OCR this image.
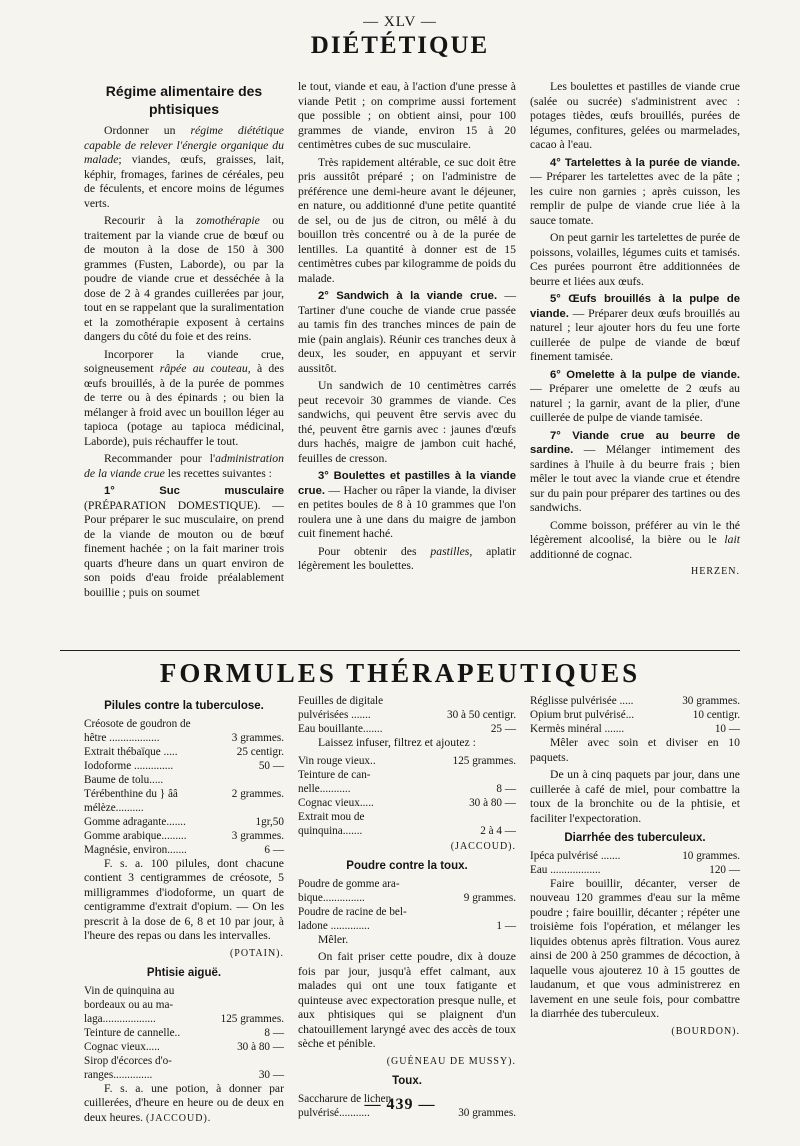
— XLV —
DIÉTÉTIQUE
Régime alimentaire des phtisiques

Ordonner un régime diététique capable de relever l'énergie organique du malade; viandes, œufs, graisses, lait, képhir, fromages, farines de céréales, peu de féculents, et encore moins de légumes verts.

Recourir à la zomothérapie ou traitement par la viande crue de bœuf ou de mouton à la dose de 150 à 300 grammes (Fusten, Laborde), ou par la poudre de viande crue et desséchée à la dose de 2 à 4 grandes cuillerées par jour, tout en se rappelant que la suralimentation et la zomothérapie exposent à certains dangers du côté du foie et des reins.

Incorporer la viande crue, soigneusement râpée au couteau, à des œufs brouillés, à de la purée de pommes de terre ou à des épinards ; ou bien la mélanger à froid avec un bouillon léger au tapioca (potage au tapioca médicinal, Laborde), puis réchauffer le tout.

Recommander pour l'administration de la viande crue les recettes suivantes :

1° Suc musculaire (PRÉPARATION DOMESTIQUE). — Pour préparer le suc musculaire, on prend de la viande de mouton ou de bœuf finement hachée ; on la fait mariner trois quarts d'heure dans un quart environ de son poids d'eau froide préalablement bouillie ; puis on soumet

le tout, viande et eau, à l'action d'une presse à viande Petit ; on comprime aussi fortement que possible ; on obtient ainsi, pour 100 grammes de viande, environ 15 à 20 centimètres cubes de suc musculaire.

Très rapidement altérable, ce suc doit être pris aussitôt préparé ; on l'administre de préférence une demi-heure avant le déjeuner, en nature, ou additionné d'une petite quantité de sel, ou de jus de citron, ou mêlé à du bouillon très concentré ou à de la purée de lentilles. La quantité à donner est de 15 centimètres cubes par kilogramme de poids du malade.

2° Sandwich à la viande crue. — Tartiner d'une couche de viande crue passée au tamis fin des tranches minces de pain de mie (pain anglais). Réunir ces tranches deux à deux, les souder, en appuyant et servir aussitôt.

Un sandwich de 10 centimètres carrés peut recevoir 30 grammes de viande. Ces sandwichs, qui peuvent être servis avec du thé, peuvent être garnis avec : jaunes d'œufs durs hachés, maigre de jambon cuit haché, feuilles de cresson.

3° Boulettes et pastilles à la viande crue. — Hacher ou râper la viande, la diviser en petites boules de 8 à 10 grammes que l'on roulera une à une dans du maigre de jambon cuit finement haché.

Pour obtenir des pastilles, aplatir légèrement les boulettes.

Les boulettes et pastilles de viande crue (salée ou sucrée) s'administrent avec : potages tièdes, œufs brouillés, purées de légumes, confitures, gelées ou marmelades, cacao à l'eau.

4° Tartelettes à la purée de viande. — Préparer les tartelettes avec de la pâte ; les cuire non garnies ; après cuisson, les remplir de pulpe de viande crue liée à la sauce tomate.

On peut garnir les tartelettes de purée de poissons, volailles, légumes cuits et tamisés. Ces purées pourront être additionnées de beurre et liées aux œufs.

5° Œufs brouillés à la pulpe de viande. — Préparer deux œufs brouillés au naturel ; leur ajouter hors du feu une forte cuillerée de pulpe de viande de bœuf finement tamisée.

6° Omelette à la pulpe de viande. — Préparer une omelette de 2 œufs au naturel ; la garnir, avant de la plier, d'une cuillerée de pulpe de viande tamisée.

7° Viande crue au beurre de sardine. — Mélanger intimement des sardines à l'huile à du beurre frais ; bien mêler le tout avec la viande crue et étendre sur du pain pour préparer des tartines ou des sandwichs.

Comme boisson, préférer au vin le thé légèrement alcoolisé, la bière ou le lait additionné de cognac.

HERZEN.
FORMULES THÉRAPEUTIQUES
Pilules contre la tuberculose.
Créosote de goudron de
hêtre ..................	3 grammes.
Extrait thébaïque .....	25 centigr.
Iodoforme ..............	50 —
Baume de tolu.....
Térébenthine du } ââ	2 grammes.
mélèze..........
Gomme adragante.......	1gr,50
Gomme arabique.........	3 grammes.
Magnésie, environ.......	6 —

F. s. a. 100 pilules, dont chacune contient 3 centigrammes de créosote, 5 milligrammes d'iodoforme, un quart de centigramme d'extrait d'opium. — On les prescrit à la dose de 6, 8 et 10 par jour, à l'heure des repas ou dans les intervalles.

(POTAIN).
Phtisie aiguë.
Vin de quinquina au
bordeaux ou au ma-
laga...................	125 grammes.
Teinture de cannelle..	8 —
Cognac vieux.....	30 à 80 —
Sirop d'écorces d'o-
ranges..............	30 —

F. s. a. une potion, à donner par cuillerées, d'heure en heure ou de deux en deux heures. (JACCOUD).

Feuilles de digitale
pulvérisées .......	30 à 50 centigr.
Eau bouillante.......	25 —

Laissez infuser, filtrez et ajoutez :

Vin rouge vieux..	125 grammes.
Teinture de can-
nelle...........	8 —
Cognac vieux.....	30 à 80 —
Extrait mou de
quinquina.......	2 à 4 —
(JACCOUD).
Poudre contre la toux.
Poudre de gomme ara-
bique...............	9 grammes.
Poudre de racine de bel-
ladone ..............	1 —

Mêler.

On fait priser cette poudre, dix à douze fois par jour, jusqu'à effet calmant, aux malades qui ont une toux fatigante et quinteuse avec expectoration presque nulle, et aux phtisiques qui se plaignent d'un chatouillement laryngé avec des accès de toux sèche et pénible.

(GUÉNEAU DE MUSSY).
Toux.
Saccharure de lichen
pulvérisé...........	30 grammes.
Réglisse pulvérisée .....	30 grammes.
Opium brut pulvérisé...	10 centigr.
Kermès minéral .......	10 —

Mêler avec soin et diviser en 10 paquets.

De un à cinq paquets par jour, dans une cuillerée à café de miel, pour combattre la toux de la bronchite ou de la phtisie, et faciliter l'expectoration.

Diarrhée des tuberculeux.
Ipéca pulvérisé .......	10 grammes.
Eau ..................	120 —

Faire bouillir, décanter, verser de nouveau 120 grammes d'eau sur la même poudre ; faire bouillir, décanter ; répéter une troisième fois l'opération, et mélanger les liquides obtenus après filtration. Vous aurez ainsi de 200 à 250 grammes de décoction, à laquelle vous ajouterez 10 à 15 gouttes de laudanum, et que vous administrerez en lavement en une seule fois, pour combattre la diarrhée des tuberculeux.

(BOURDON).
— 439 —
